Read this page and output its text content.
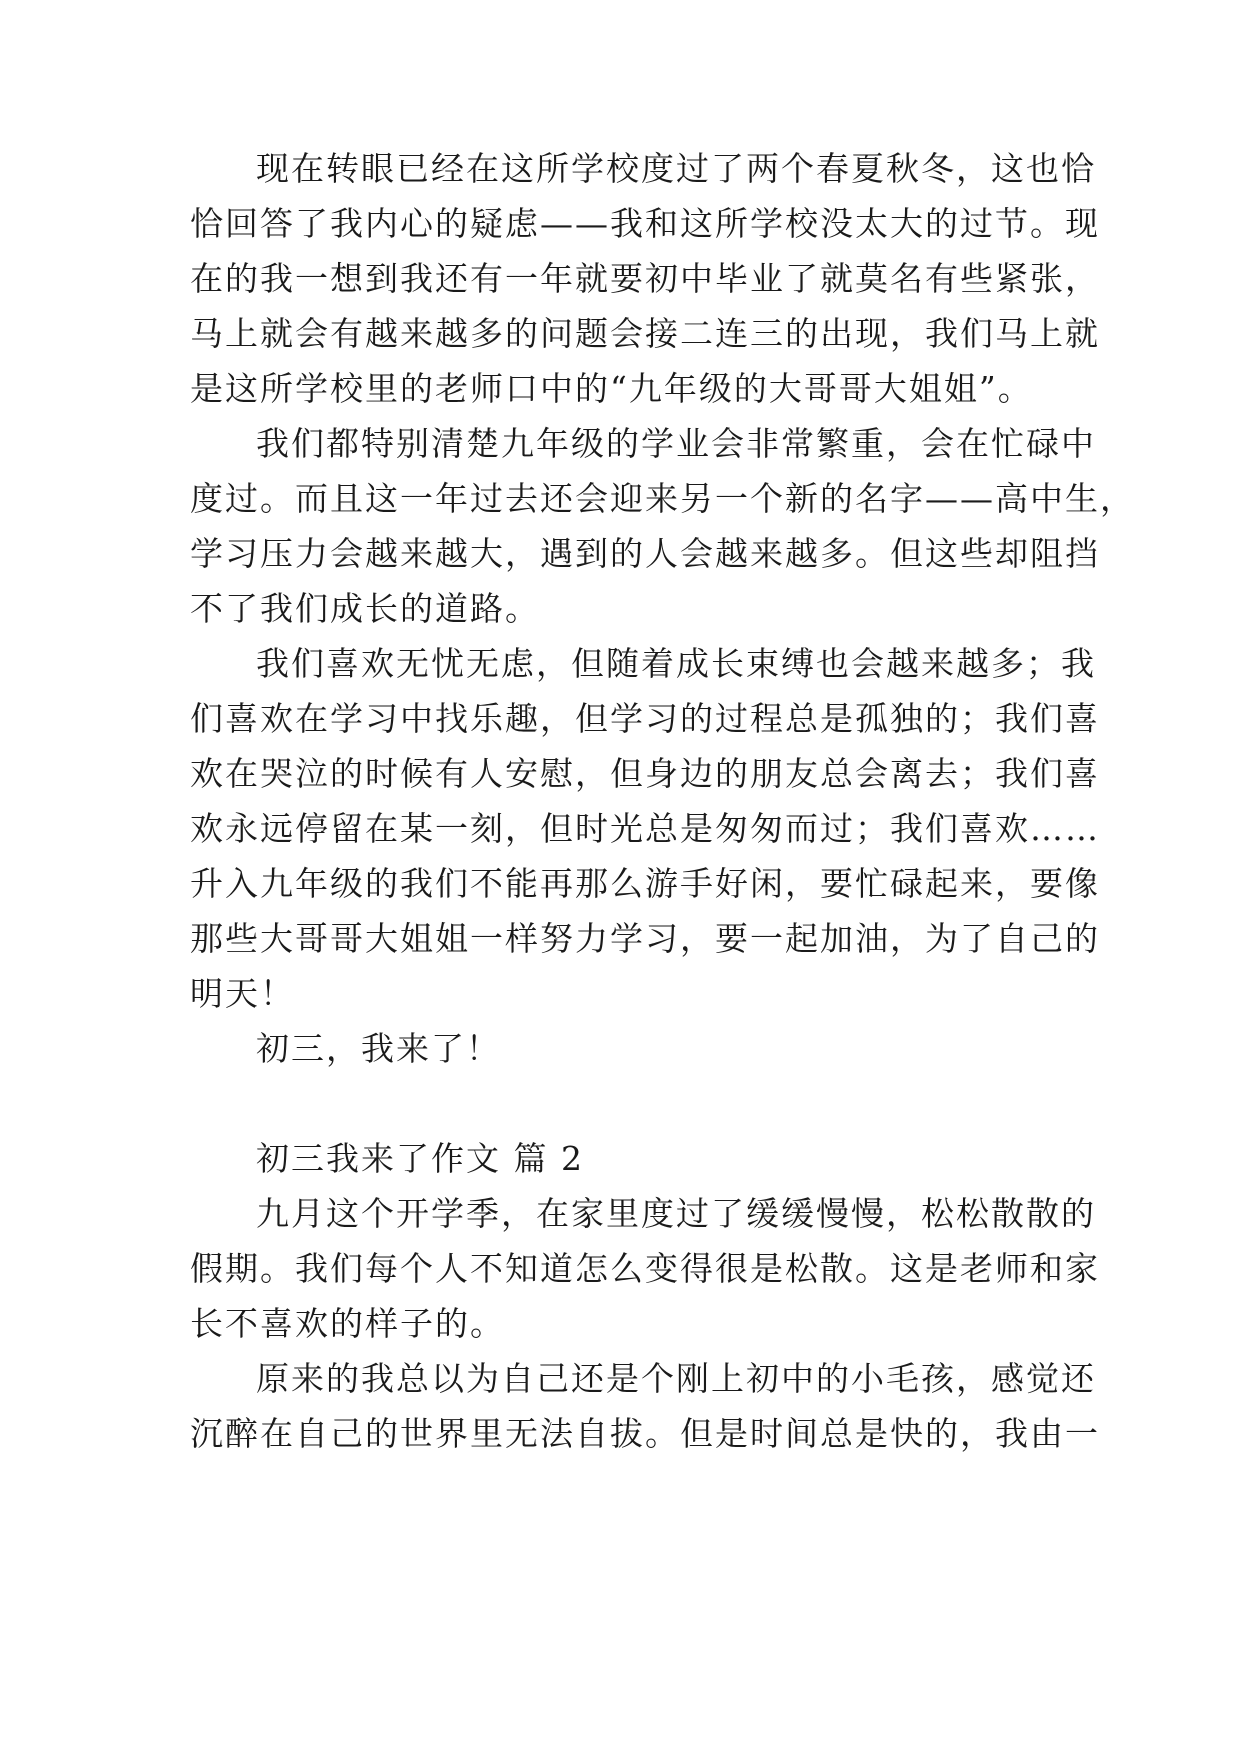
现在转眼已经在这所学校度过了两个春夏秋冬，这也恰
恰回答了我内心的疑虑——我和这所学校没太大的过节。现
在的我一想到我还有一年就要初中毕业了就莫名有些紧张，
马上就会有越来越多的问题会接二连三的出现，我们马上就
是这所学校里的老师口中的“九年级的大哥哥大姐姐”。
我们都特别清楚九年级的学业会非常繁重，会在忙碌中
度过。而且这一年过去还会迎来另一个新的名字——高中生，
学习压力会越来越大，遇到的人会越来越多。但这些却阻挡
不了我们成长的道路。
我们喜欢无忧无虑，但随着成长束缚也会越来越多；我
们喜欢在学习中找乐趣，但学习的过程总是孤独的；我们喜
欢在哭泣的时候有人安慰，但身边的朋友总会离去；我们喜
欢永远停留在某一刻，但时光总是匆匆而过；我们喜欢……
升入九年级的我们不能再那么游手好闲，要忙碌起来，要像
那些大哥哥大姐姐一样努力学习，要一起加油，为了自己的
明天！
初三，我来了！
初三我来了作文 篇 2
九月这个开学季，在家里度过了缓缓慢慢，松松散散的
假期。我们每个人不知道怎么变得很是松散。这是老师和家
长不喜欢的样子的。
原来的我总以为自己还是个刚上初中的小毛孩，感觉还
沉醉在自己的世界里无法自拔。但是时间总是快的，我由一
